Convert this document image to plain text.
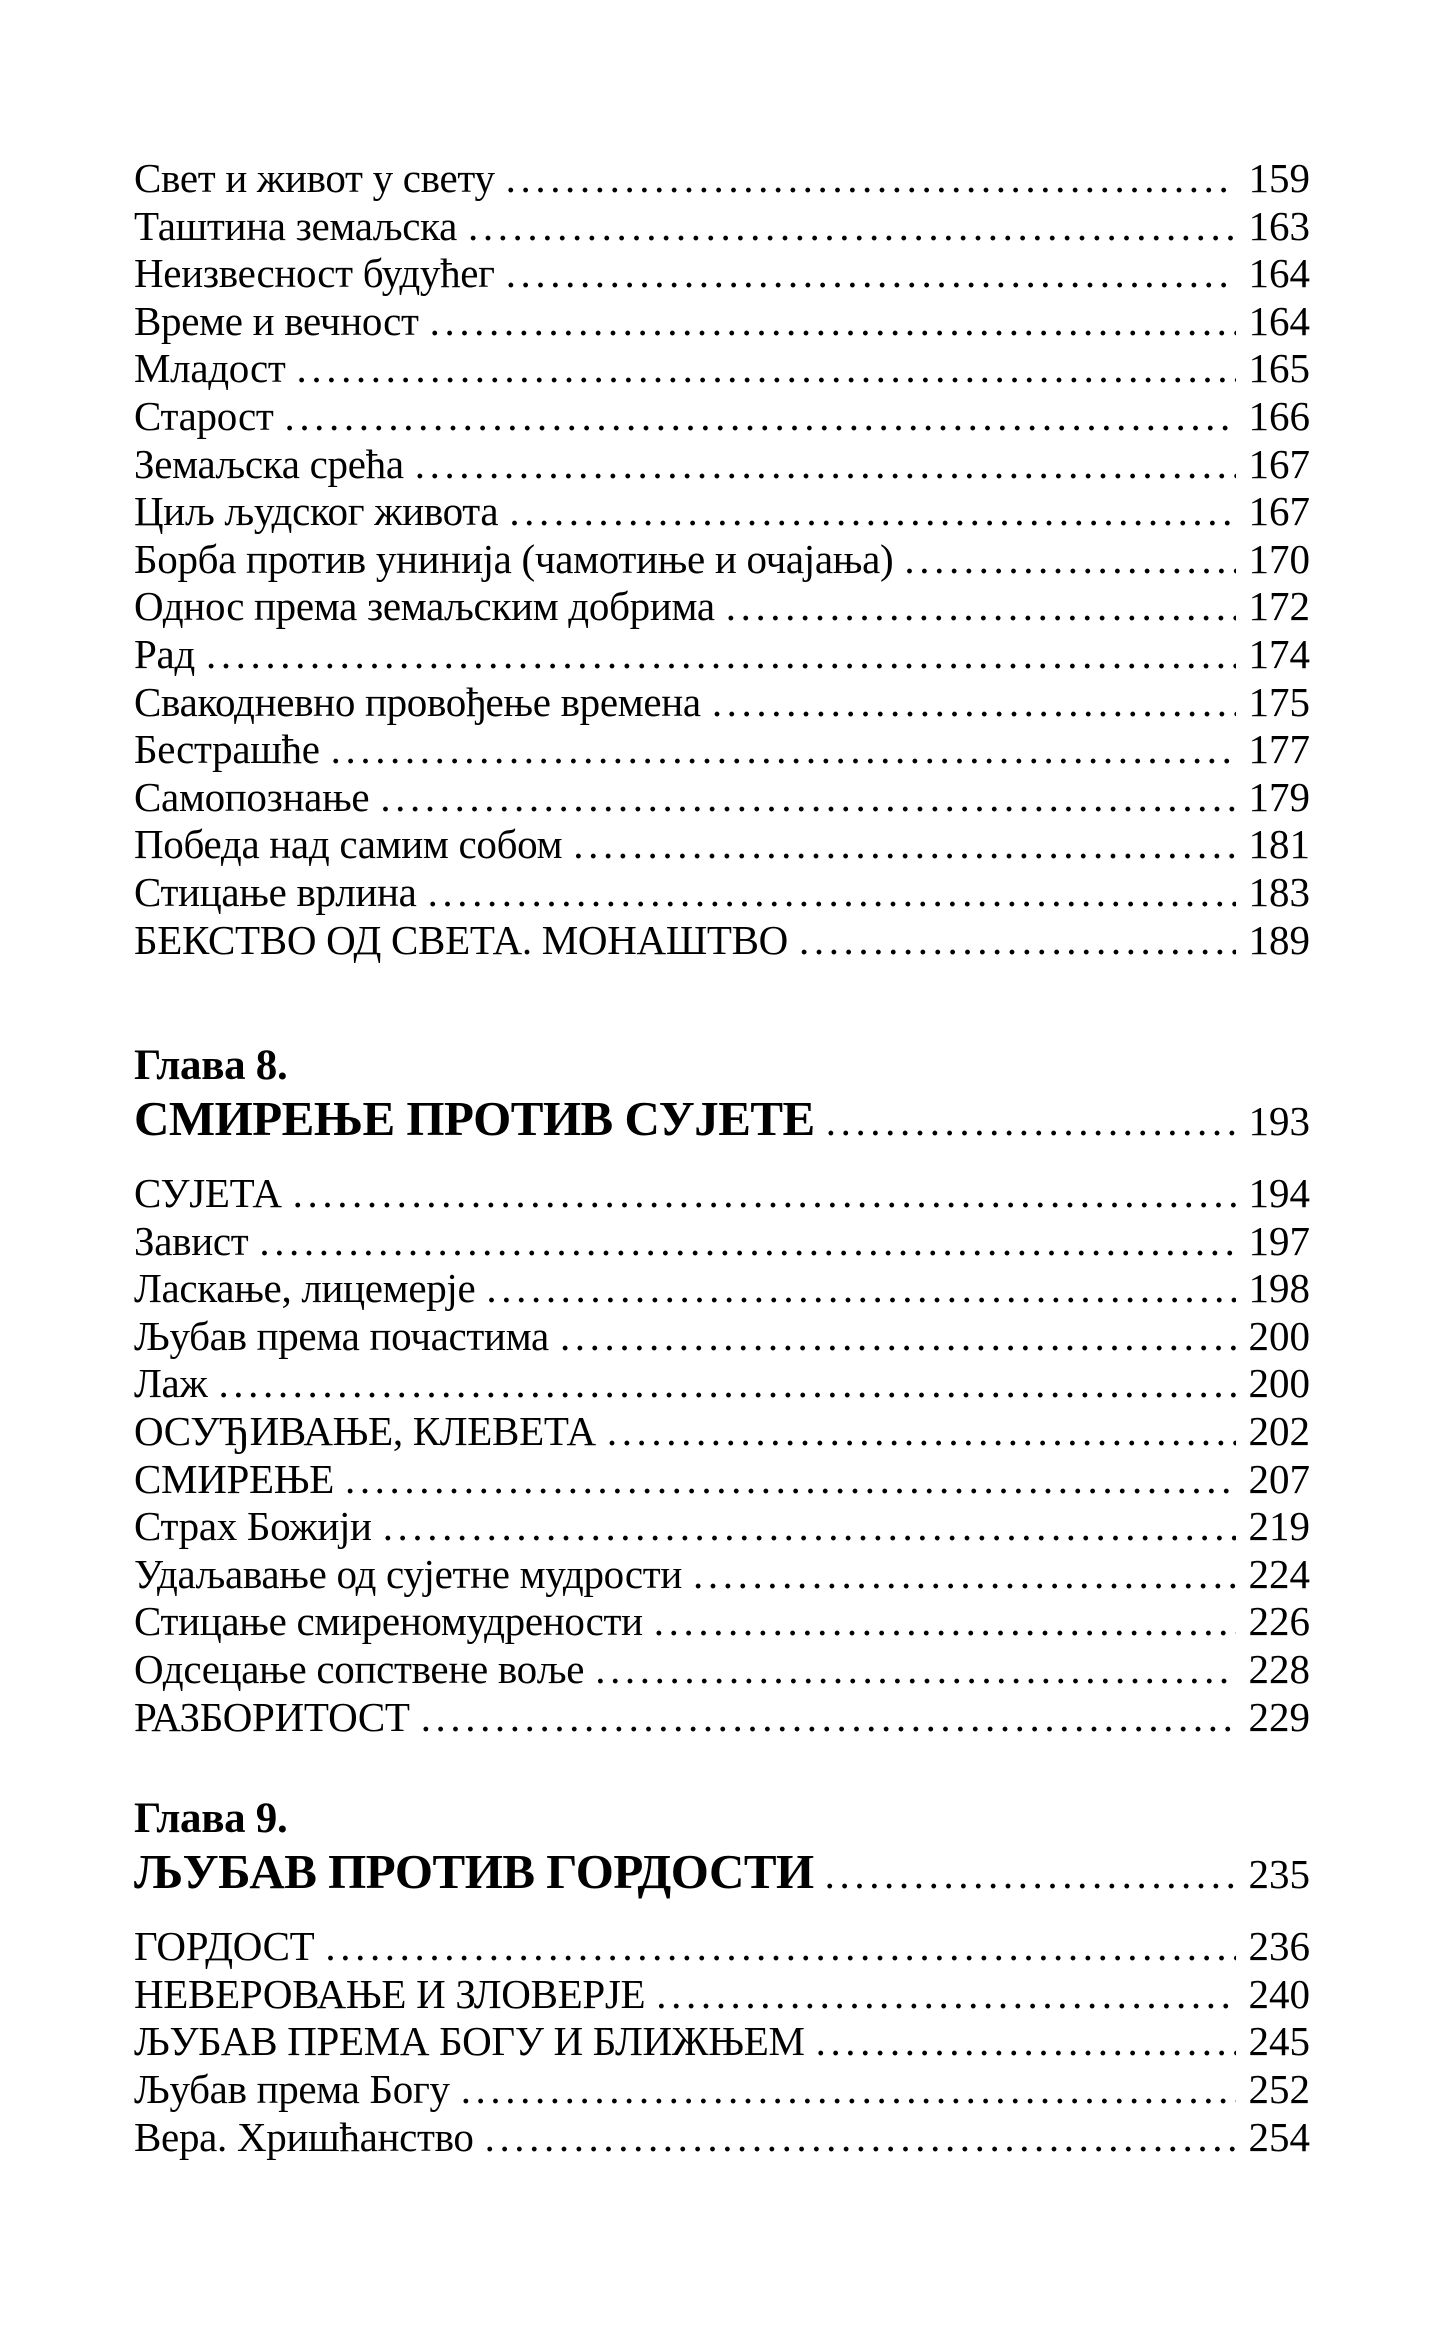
Свет и живот у свету .....	159
Таштина земаљска .....	163
Неизвесност будућег .....	164
Време и вечност .....	164
Младост .....	165
Старост .....	166
Земаљска срећа .....	167
Циљ људског живота .....	167
Борба против унинија (чамотиње и очајања) .....	170
Однос према земаљским добрима .....	172
Рад .....	174
Свакодневно провођење времена .....	175
Бестрашће .....	177
Самопознање .....	179
Победа над самим собом .....	181
Стицање врлина .....	183
БЕКСТВО ОД СВЕТА. МОНАШТВО .....	189
Глава 8.
СМИРЕЊЕ ПРОТИВ СУЈЕТЕ .....	193
СУЈЕТА .....	194
Завист .....	197
Ласкање, лицемерје .....	198
Љубав према почастима .....	200
Лаж .....	200
ОСУЂИВАЊЕ, КЛЕВЕТА .....	202
СМИРЕЊЕ .....	207
Страх Божији .....	219
Удаљавање од сујетне мудрости .....	224
Стицање смиреномудрености .....	226
Одсецање сопствене воље .....	228
РАЗБОРИТОСТ .....	229
Глава 9.
ЉУБАВ ПРОТИВ ГОРДОСТИ .....	235
ГОРДОСТ .....	236
НЕВЕРОВАЊЕ И ЗЛОВЕРЈЕ .....	240
ЉУБАВ ПРЕМА БОГУ И БЛИЖЊЕМ .....	245
Љубав према Богу .....	252
Вера. Хришћанство .....	254
